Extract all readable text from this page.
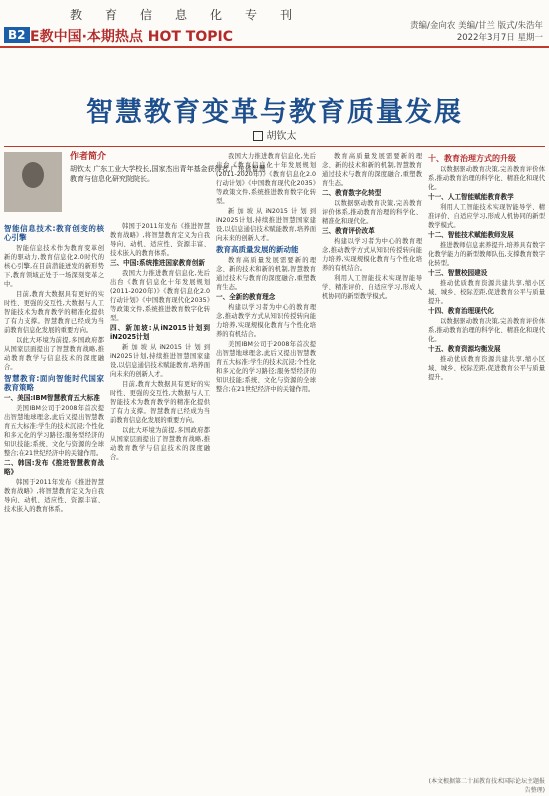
教育信息化专刊
B2 E教中国·本期热点 HOT TOPIC
责编/金向农 美编/甘兰 版式/朱浩年
2022年3月7日 星期一
智慧教育变革与教育质量发展
胡钦太
作者简介
胡钦太 广东工业大学校长,国家杰出青年基金获得者,广东省智慧教育与信息化研究院院长。
智能信息技术:教育创变的核心引擎

智能信息技术作为教育变革创新的驱动力,教育信息化2.0时代的核心引擎,在目前潜能迸发的新形势下,教育领域正处于一场深刻变革之中。

目前,教育大数据具有更好的实时性、更强的交互性,大数据与人工智能技术为教育教学的精准化提供了有力支撑。智慧教育已经成为当前教育信息化发展的重要方向。

以此大环境为前提,多国政府都从国家层面提出了智慧教育战略,推动教育教学与信息技术的深度融合。

智慧教育:面向智能时代国家教育策略
一、美国:IBM智慧教育五大标准

美国IBM公司于2008年首次提出智慧地球理念,此后又提出智慧教育五大标准:学生的技术沉浸;个性化和多元化的学习路径;服务型经济的知识技能;系统、文化与资源的全球整合;在21世纪经济中的关键作用。

二、韩国:发布《推进智慧教育战略》

韩国于2011年发布《推进智慧教育战略》,将智慧教育定义为自我导向、动机、适应性、资源丰富、技术嵌入的教育体系。

韩国于2011年发布《推进智慧教育战略》,将智慧教育定义为自我导向、动机、适应性、资源丰富、技术嵌入的教育体系。

三、中国:系统推进国家教育创新

我国大力推进教育信息化,先后出台《教育信息化十年发展规划(2011-2020年)》《教育信息化2.0行动计划》《中国教育现代化2035》等政策文件,系统推进教育数字化转型。

四、新加坡:从iN2015计划到iN2025计划

新加坡从iN2015计划到iN2025计划,持续推进智慧国家建设,以信息通信技术赋能教育,培养面向未来的创新人才。

目前,教育大数据具有更好的实时性、更强的交互性,大数据与人工智能技术为教育教学的精准化提供了有力支撑。智慧教育已经成为当前教育信息化发展的重要方向。

以此大环境为前提,多国政府都从国家层面提出了智慧教育战略,推动教育教学与信息技术的深度融合。

我国大力推进教育信息化,先后出台《教育信息化十年发展规划(2011-2020年)》《教育信息化2.0行动计划》《中国教育现代化2035》等政策文件,系统推进教育数字化转型。

新加坡从iN2015计划到iN2025计划,持续推进智慧国家建设,以信息通信技术赋能教育,培养面向未来的创新人才。

教育高质量发展的新动能

教育高质量发展需要新的理念、新的技术和新的机制,智慧教育通过技术与教育的深度融合,重塑教育生态。

一、全新的教育理念

构建以学习者为中心的教育理念,推动教学方式从知识传授转向能力培养,实现规模化教育与个性化培养的有机结合。

美国IBM公司于2008年首次提出智慧地球理念,此后又提出智慧教育五大标准:学生的技术沉浸;个性化和多元化的学习路径;服务型经济的知识技能;系统、文化与资源的全球整合;在21世纪经济中的关键作用。

教育高质量发展需要新的理念、新的技术和新的机制,智慧教育通过技术与教育的深度融合,重塑教育生态。

二、教育数字化转型

以数据驱动教育决策,完善教育评价体系,推动教育治理的科学化、精准化和现代化。

三、教育评价改革

构建以学习者为中心的教育理念,推动教学方式从知识传授转向能力培养,实现规模化教育与个性化培养的有机结合。

利用人工智能技术实现智能导学、精准评价、自适应学习,形成人机协同的新型教学模式。

十、教育治理方式的升级

以数据驱动教育决策,完善教育评价体系,推动教育治理的科学化、精准化和现代化。

十一、人工智能赋能教育教学

利用人工智能技术实现智能导学、精准评价、自适应学习,形成人机协同的新型教学模式。

十二、智能技术赋能教师发展

推进教师信息素养提升,培养具有数字化教学能力的新型教师队伍,支撑教育数字化转型。

十三、智慧校园建设

推动优质教育资源共建共享,缩小区域、城乡、校际差距,促进教育公平与质量提升。

十四、教育治理现代化

以数据驱动教育决策,完善教育评价体系,推动教育治理的科学化、精准化和现代化。

十五、教育资源均衡发展

推动优质教育资源共建共享,缩小区域、城乡、校际差距,促进教育公平与质量提升。

(本文根据第二十届教育技术国际论坛主题报告整理)
